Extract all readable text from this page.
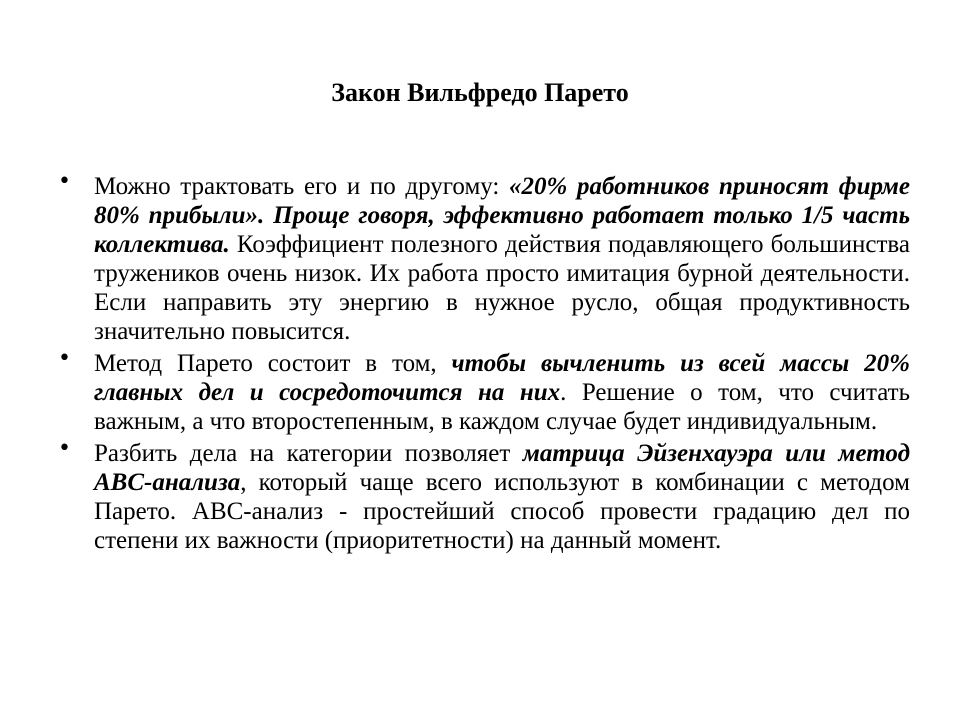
Закон Вильфредо Парето
• Можно трактовать его и по другому: «20% работников приносят фирме 80% прибыли». Проще говоря, эффективно работает только 1/5 часть коллектива. Коэффициент полезного действия подавляющего большинства тружеников очень низок. Их работа просто имитация бурной деятельности. Если направить эту энергию в нужное русло, общая продуктивность значительно повысится.
• Метод Парето состоит в том, чтобы вычленить из всей массы 20% главных дел и сосредоточится на них. Решение о том, что считать важным, а что второстепенным, в каждом случае будет индивидуальным.
• Разбить дела на категории позволяет матрица Эйзенхауэра или метод ABC-анализа, который чаще всего используют в комбинации с методом Парето. ABC-анализ - простейший способ провести градацию дел по степени их важности (приоритетности) на данный момент.
